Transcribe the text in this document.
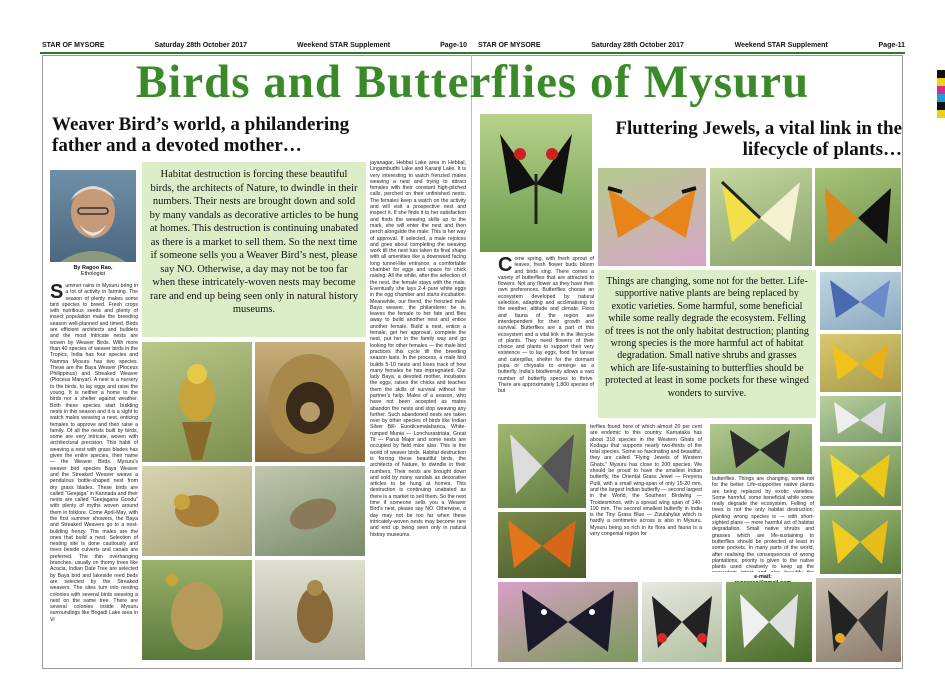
STAR OF MYSORE	Saturday 28th October 2017	Weekend STAR Supplement	Page-10 STAR OF MYSORE	Saturday 28th October 2017	Weekend STAR Supplement	Page-11
Birds and Butterflies of Mysuru
Weaver Bird’s world, a philandering father and a devoted mother…
By Ragoo Rao,
Ethologist
Summer rains in Mysuru bring in a lot of activity in farming. The season of plenty makes some bird species to breed. Fresh crops with nutritious seeds and plenty of insect population make the breeding season well-planned and timed. Birds are efficient architects and builders and the most intricate nests are woven by Weaver Birds. With more than 40 species of weaver birds in the Tropics, India has four species and Namma Mysuru has two species. These are the Baya Weaver (Ploceus Philippinus) and Streaked Weaver (Ploceus Manyar). A nest is a nursery to the birds, to lay eggs and raise the young. It is neither a home to the birds nor a shelter against weather. Both these species start building nests in this season and it is a sight to watch males weaving a nest, enticing females to approve and then raise a family. Of all the nests built by birds, some are very intricate, woven with architectural precision. This habit of weaving a nest with grass blades has given the entire species, their name — the Weaver Birds. Mysuru’s weaver bird species Baya Weaver and the Streaked Weaver weave a pendulous bottle-shaped nest from dry grass blades. These birds are called “Geejaga” in Kannada and their nests are called “Geejagana Goodu” with plenty of myths woven around them in folklore. Come April-May, with the first summer showers, the Baya and Streaked Weavers go to a nest-building frenzy. The males are the ones that build a nest. Selection of nesting site is done cautiously and trees beside culverts and canals are preferred. The thin overhanging branches, usually on thorny trees like Acacia, Indian Date Tree are selected by Baya bird and lakeside reed beds are selected by the Streaked weavers. The sites turn into nesting colonies with several birds weaving a nest on the same tree. There are several colonies inside Mysuru surroundings like Bogadi Lake area in Vi
Habitat destruction is forcing these beautiful birds, the architects of Nature, to dwindle in their numbers. Their nests are brought down and sold by many vandals as decorative articles to be hung at homes. This destruction is continuing unabated as there is a market to sell them. So the next time if someone sells you a Weaver Bird’s nest, please say NO. Otherwise, a day may not be too far when these intricately-woven nests may become rare and end up being seen only in natural history museums.
jayanagar, Hebbal Lake area in Hebbal, Lingambudhi Lake and Karanji Lake. It is very interesting to watch frenzied males weaving a nest and trying to attract females with their constant high-pitched calls, perched on their unfinished nests. The females keep a watch on the activity and will visit a prospective nest and inspect it. If she finds it to her satisfaction and finds the weaving skills up to the mark, she will enter the nest and then perch alongside the male. This is her way of approval. If selected, a male rejoices and goes about completing the weaving work till the nest has taken its final shape with all amenities like a downward facing long tunnel-like entrance, a comfortable chamber for eggs and space for chick raising. All the while, after the selection of the nest, the female stays with the male. Eventually she lays 2-4 pure white eggs in the egg chamber and starts incubation. Meanwhile, our friend, the frenzied male Baya weaver, the philanderer he is, leaves the female to her fate and flies away to build another nest and entice another female. Build a nest, entice a female, get her approval, complete the nest, put her in the family way and go looking for other females — the male bird practices this cycle till the breeding season lasts. In the process, a male bird builds 5-10 nests and loses track of how many females he has impregnated. Our lady Baya, a devoted mother, incubates the eggs, raises the chicks and teaches them the skills of survival without her partner’s help. Males of a season, who have not been accepted as mates abandon the nests and stop weaving any further. Such abandoned nests are taken over by other species of birds like Indian Silver Bill- Euodicemalabarica, White-rumped Munia — Lonchurastriata, Great Tit — Parus Major and some nests are occupied by field mice also. This is the world of weaver birds. Habitat destruction is forcing these beautiful birds, the architects of Nature, to dwindle in their numbers. Their nests are brought down and sold by many vandals as decorative articles to be hung at homes. This destruction is continuing unabated as there is a market to sell them. So the next time if someone sells you a Weaver Bird’s nest, please say NO. Otherwise, a day may not be too far when these intricately-woven nests may become rare and end up being seen only in natural history museums.
Fluttering Jewels, a vital link in the lifecycle of plants…
Come spring, with fresh sprout of leaves, fresh flower buds bloom and birds sing. There comes a variety of butterflies that are attracted to flowers. Not any flower as they have their own preferences. Butterflies choose an ecosystem developed by natural selection, adapting and acclimatising to the weather, altitude and climate. Flora and fauna of the region are interdependent for their growth and survival. Butterflies are a part of this ecosystem and a vital link in the lifecycle of plants. They need flowers of their choice and plants to support their very existence — to lay eggs, food for larvae and caterpillar, shelter for the dormant pupa or chrysalis to emerge as a butterfly. India’s biodiversity allows a vast number of butterfly species to thrive. There are approximately 1,800 species of but
Things are changing, some not for the better. Life-supportive native plants are being replaced by exotic varieties. Some harmful, some beneficial while some really degrade the ecosystem. Felling of trees is not the only habitat destruction; planting wrong species is the more harmful act of habitat degradation. Small native shrubs and grasses which are life-sustaining to butterflies should be protected at least in some pockets for these winged wonders to survive.
terflies found here of which almost 20 per cent are endemic to this country. Karnataka has about 318 species in the Western Ghats of Kodagu that supports nearly two-thirds of the total species. Some so fascinating and beautiful, they are called “Flying Jewels of Western Ghats.” Mysuru has close to 200 species. We should be proud to have the smallest Indian butterfly, the Oriental Grass Jewel — Freyeria Putli, with a small wing-span of only 15-20 mm, and the largest Indian butterfly — second largest in the World, the Southern Birdwing — Troidesminos, with a spread wing span of 140-190 mm. The second smallest butterfly in India is the Tiny Grass Blue — Zizulahylax which is hardly a centimetre across is also in Mysuru. Mysuru being so rich in its flora and fauna is a very congenial region for
butterflies. Things are changing, some not for the better. Life-supportive native plants are being replaced by exotic varieties. Some harmful, some beneficial while some really degrade the ecosystem. Felling of trees is not the only habitat destruction; planting wrong species is — with short-sighted plans — more harmful act of habitat degradation. Small native shrubs and grasses which are life-sustaining to butterflies should be protected at least in some pockets. In many parts of the world, after realising the consequences of wrong plantations, priority is given to the native plants used creatively to keep up the
e-mail:
